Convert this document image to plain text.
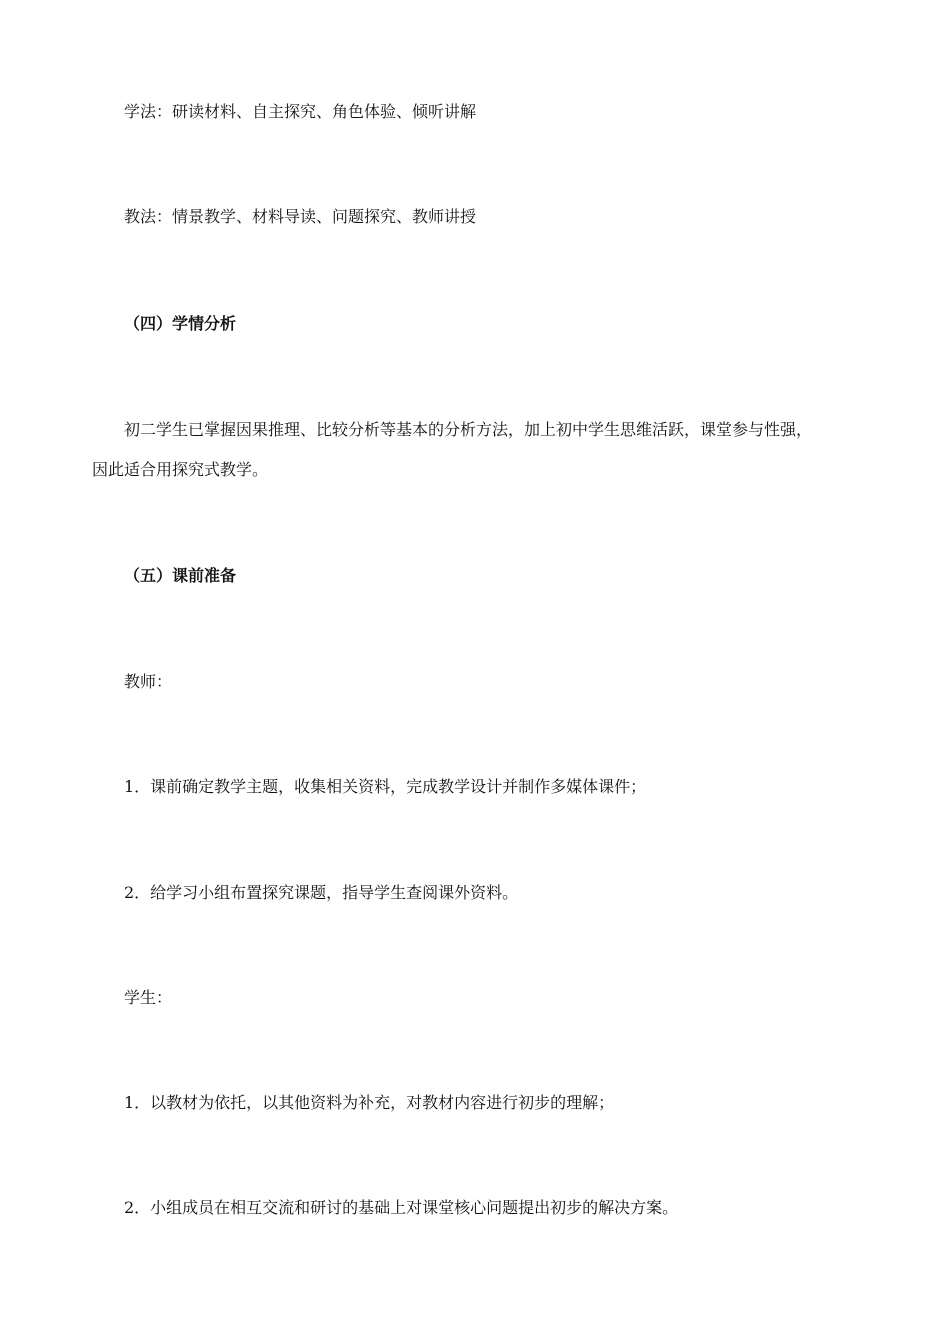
学法：研读材料、自主探究、角色体验、倾听讲解
教法：情景教学、材料导读、问题探究、教师讲授
（四）学情分析
初二学生已掌握因果推理、比较分析等基本的分析方法，加上初中学生思维活跃，课堂参与性强，
因此适合用探究式教学。
（五）课前准备
教师：
1．课前确定教学主题，收集相关资料，完成教学设计并制作多媒体课件；
2．给学习小组布置探究课题，指导学生查阅课外资料。
学生：
1．以教材为依托，以其他资料为补充，对教材内容进行初步的理解；
2．小组成员在相互交流和研讨的基础上对课堂核心问题提出初步的解决方案。
